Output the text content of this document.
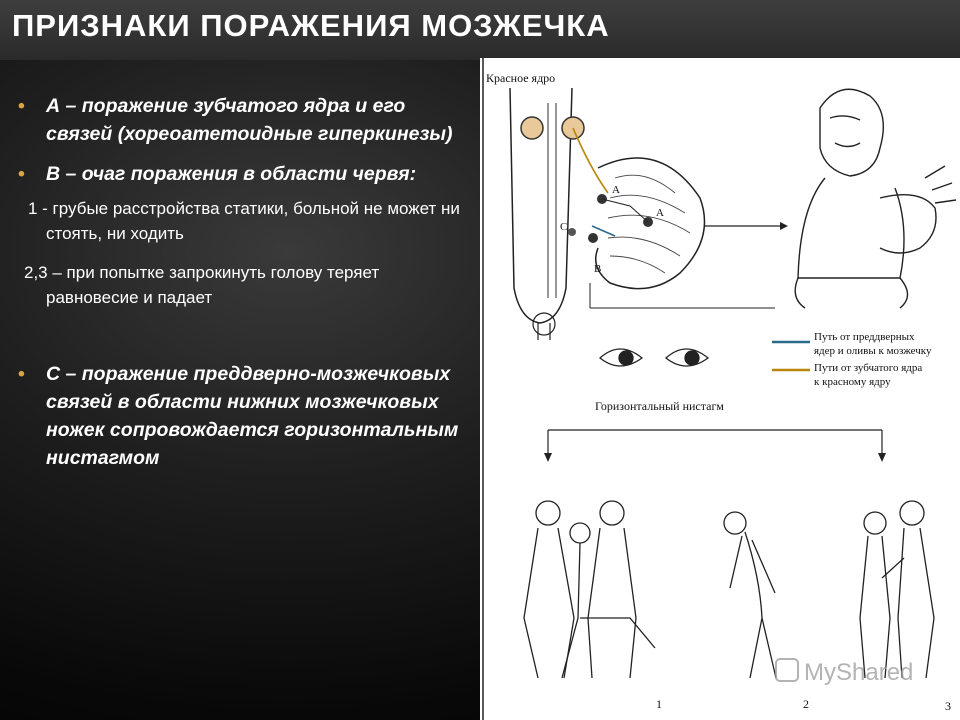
ПРИЗНАКИ ПОРАЖЕНИЯ МОЗЖЕЧКА
• А – поражение зубчатого ядра и его связей (хореоатетоидные гиперкинезы)
• В – очаг поражения в области червя:
1 - грубые расстройства статики, больной не может ни стоять, ни ходить
2,3 – при попытке запрокинуть голову теряет равновесие и падает
• С – поражение преддверно-мозжечковых связей в области нижних мозжечковых ножек сопровождается горизонтальным нистагмом
Красное ядро
А
А
С
В
Горизонтальный нистагм
Путь от преддверных
ядер и оливы к мозжечку
Пути от зубчатого ядра
к красному ядру
1	2	3
MyShared
